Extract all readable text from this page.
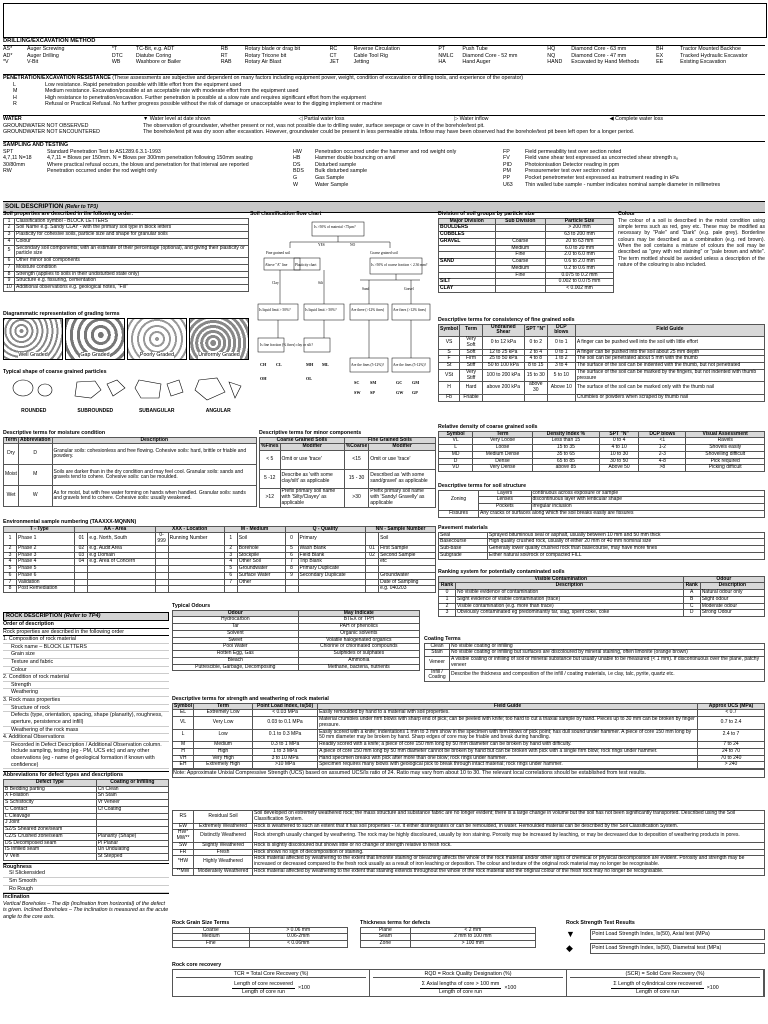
DRILLING/EXCAVATION METHOD
AS*	Auger Screwing
AD*	Auger Drilling
*V	V-Bit
*T	TC-Bit, e.g. ADT
DTC	Diatube Coring
WB	Washbore or Bailer
RB	Rotary blade or drag bit
RT	Rotary Tricone bit
RAB	Rotary Air Blast
RC	Reverse Circulation
CT	Cable Tool Rig
JET	Jetting
PT	Push Tube
NMLC	Diamond Core - 52 mm
HA	Hand Auger
HQ	Diamond Core - 63 mm
NQ	Diamond Core - 47 mm
HAND	Excavated by Hand Methods
BH	Tractor Mounted Backhoe
EX	Tracked Hydraulic Excavator
EE	Existing Excavation
PENETRATION/EXCAVATION RESISTANCE (These assessments are subjective and dependent on many factors including equipment power, weight, condition of excavation or drilling tools, and experience of the operator)
L	Low resistance. Rapid penetration possible with little effort from the equipment used
M	Medium resistance. Excavation/possible at an acceptable rate with moderate effort from the equipment used
H	High resistance to penetration/excavation. Further penetration is possible at a slow rate and requires significant effort from the equipment
R	Refusal or Practical Refusal. No further progress possible without the risk of damage or unacceptable wear to the digging implement or machine
WATER	▼ Water level at date shown	◁ Partial water loss	▷ Water inflow	◀ Complete water loss
GROUNDWATER NOT OBSERVED	The observation of groundwater, whether present or not, was not possible due to drilling water, surface seepage or cave in of the borehole/test pit.
GROUNDWATER NOT ENCOUNTERED	The borehole/test pit was dry soon after excavation. However, groundwater could be present in less permeable strata. Inflow may have been observed had the borehole/test pit been left open for a longer period.
SAMPLING AND TESTING
SPT	Standard Penetration Test to AS1289.6.3.1-1993
4,7,11 N=18	4,7,11 = Blows per 150mm. N = Blows per 300mm penetration following 150mm seating
30/80mm	Where practical refusal occurs, the blows and penetration for that interval are reported
RW	Penetration occurred under the rod weight only
HW	Penetration occurred under the hammer and rod weight only
HB	Hammer double bouncing on anvil
DS	Disturbed sample
BDS	Bulk disturbed sample
G	Gas Sample
W	Water Sample
FP	Field permeability test over section noted
FV	Field vane shear test expressed as uncorrected shear strength sᵤ
PID	Photoionisation Detector reading in ppm
PM	Pressuremeter test over section noted
PP	Pocket penetrometer test expressed as instrument reading in kPa
U63	Thin walled tube sample - number indicates nominal sample diameter in millimetres
SOIL DESCRIPTION (Refer to TP3)
Soil properties are described in the following order:
1	Classification symbol - BLOCK LETTERS
2	Soil Name e.g. Sandy CLAY - with the primary soil type in block letters
3	Plasticity for cohesive soils, particle size and shape for granular soils
4	Colour
5	Secondary soil components; with an estimate of their percentage (optional), and giving their plasticity or particle size
6	Other minor soil components
7	Moisture condition
8	Strength (applies to soils in their undisturbed state only)
9	Structure e.g. fissuring, cementation
10	Additional observations e.g. geological notes, "Fill"
Soil classification flow chart
Is >50% of material <75µm?
Fine grained soil	Coarse grained soil
YES	NO
Above "A" line Plasticity chart	Is >50% of coarse fraction < 2.36 mm?
Clay	Silt
Sand	Gravel
Is liquid limit > 50%?	Is liquid limit > 50%?	Are there (>12% fines) Are fines (>12% fines)
Are the fines (5-12%)? Are the fines (5-12%)?
Is fine fraction (% fines) clay or silt?
CH CL
OH
MH ML
OL
SC	SM
SW SP
GC GM
GW GP
Diagrammatic representation of grading terms
Well Graded	Gap Graded	Poorly Graded	Uniformly Graded
Typical shape of coarse grained particles
ROUNDED	SUBROUNDED	SUBANGULAR	ANGULAR
Division of soil groups by particle size
Major Division	Sub Division	Particle Size
BOULDERS		> 200 mm
COBBLES		63 to 200 mm
GRAVEL	Coarse	20 to 63 mm
	Medium	6.0 to 20 mm
	Fine	2.0 to 6.0 mm
SAND	Coarse	0.6 to 2.0 mm
	Medium	0.2 to 0.6 mm
	Fine	0.075 to 0.2 mm
SILT		0.002 to 0.075 mm
CLAY		< 0.002 mm
Colour
The colour of a soil is described in the moist condition using simple terms such as red, grey etc. These may be modified as necessary by "Pale" and "Dark" (e.g. pale grey). Borderline colours may be described as a combination (e.g. red brown). When the soil contains a mixture of colours the soil may be described as "grey with red staining" or "pale brown and white". The term mottled should be avoided unless a description of the nature of the colouring is also included.
Descriptive terms for consistency of fine grained soils
Symbol	Term	Undrained Shear	SPT "N"	DCP blows	Field Guide
VS	Very Soft	0 to 12 kPa	0 to 2	0 to 1	A finger can be pushed well into the soil with little effort
S	Soft	12 to 25 kPa	2 to 4	0 to 1	A finger can be pushed into the soil about 25 mm depth
F	Firm	25 to 50 kPa	4 to 8	1 to 2	The soil can be penetrated about 5 mm with the thumb
St	Stiff	50 to 100 kPa	8 to 15	3 to 4	The surface of the soil can be indented with the thumb, but not penetrated
VSt	Very Stiff	100 to 200 kPa	15 to 30	5 to 10	The surface of the soil can be marked by the fingers, but not indented with thumb pressure
H	Hard	above 200 kPa	above 30	Above 10	The surface of the soil can be marked only with the thumb nail
Fb	Friable				Crumbles or powders when scraped by thumb nail
Relative density of coarse grained soils
Symbol	Term	Density Index %	SPT "N"	DCP blows	Visual Assessment
VL	Very Loose	Less than 15	0 to 4	<1	Ravels
L	Loose	15 to 35	4 to 10	1-2	Shovels easily
MD	Medium Dense	35 to 65	10 to 30	2-3	Shovelling difficult
D	Dense	65 to 85	30 to 50	4-8	Pick required
VD	Very Dense	above 85	Above 50	>8	Picking difficult
Descriptive terms for moisture condition
Term	Abbreviation	Description
Dry	D	Granular soils: cohesionless and free flowing. Cohesive soils: hard, brittle or friable and powdery.
Moist	M	Soils are darker than in the dry condition and may feel cool. Granular soils: sands and gravels tend to cohere. Cohesive soils: can be moulded.
Wet	W	As for moist, but with free water forming on hands when handled. Granular soils: sands and gravels tend to cohere. Cohesive soils: usually weakened.
Descriptive terms for minor components
Coarse Grained Soils		Fine Grained Soils	
%Fines	Modifier	%Coarse	Modifier
< 5	Omit or use 'trace'	<15	Omit or use 'trace'
5 -12	Describe as 'with some clay/silt' as applicable	15 - 30	Described as 'with some sand/gravel' as applicable
>12	Prefix primary soil name with 'Silty/Clayey' as applicable	>30	Prefix primary soil name with 'Sandy/ Gravelly' as applicable
Descriptive terms for soil structure
Zoning	Layers	continuous across exposure or sample
	Lenses	discontinuous layer with lenticular shape
	Pockets	irregular inclusion
Fissures	Any cracks or surfaces along which the soil breaks easily are fissures	
Environmental sample numbering (TAAXXX-MQNNN)
T - Type		AA - Area		XXX - Location		M - Medium		Q - Quality		NN - Sample Number	
1	Phase 1	01	e.g. North, South	0-999	Running Number	1	Soil	0	Primary		Soil
2	Phase 2	02	e.g. Audit Area			2	Borehole	5	Wash Blank	01	First Sample
3	Phase 3	03	e.g Domain			3	Stockpile	6	Field Blank	02	Second Sample
4	Phase 4	04	e.g. Area of Concern			4	Other Soil	7	Trip Blank		etc
5	Phase 5					5	Groundwater	8	Primary Duplicate		
6	Phase 6					6	Surface Water	9	Secondary Duplicate		Groundwater
7	Validation					7	Other				Date of Sampling
8	Post Remediation										e.g. 040203
Pavement materials
Seal	Sprayed bituminous seal or asphalt, usually between 10 mm and 50 mm thick
Basecourse	High quality crushed rock, usually of either 20 mm or 40 mm nominal size
Sub-base	Generally lower quality crushed rock than basecourse, may have more fines
Subgrade	Either natural soil/rock or compacted FILL
Ranking system for potentially contaminated soils
Visible Contamination		Odour	
Rank	Description	Rank	Description
0	No visible evidence of contamination	A	Natural odour only
1	Slight evidence of visible contamination (trace)	B	Slight odour
2	Visible contamination (e.g. more than trace)	C	Moderate odour
3	Obviously contaminated eg predominantly tar, slag, spent coke, coke	D	Strong Odour
ROCK DESCRIPTION (Refer to TP4)
Order of description
Rock properties are described in the following order
1. Composition of rock material
Rock name – BLOCK LETTERS
Grain size
Texture and fabric
Colour
2. Condition of rock material
Strength
Weathering
3. Rock mass properties
Structure of rock
Defects (type, orientation, spacing, shape (planarity), roughness, aperture, persistence and infill)
Weathering of the rock mass
4. Additional Observations
Recorded in Defect Description / Additional Observation column. Include sampling, testing (eg - PM, UCS etc) and any other observations (eg - name of geological formation if known with confidence)
Abbreviations for defect types and descriptions
Defect Type	Coating or Infilling
B Bedding parting	Cn Clean
X Foliation	Sn Stain
S Schistocity	Vr Veneer
C Contact	Cf Coating
L Cleavage	
J Joint	
SZ/S Sheared zone/seam	
CZ/S Crushed zone/seam	Planarity (Shape)
DS Decomposed seam	Pl Planar
IS Infilled seam	Un Undulating
V Vein	St Stepped
Roughness
Sl Slickensided
Sm Smooth
Ro Rough
Inclination
Vertical Boreholes – The dip (inclination from horizontal) of the defect is given. Inclined Boreholes – The inclination is measured as the acute angle to the core axis.
Typical Odours
Odour	May Indicate
Hydrocarbon	BTEX or TPH
Tar	PAH or phenolics
Solvent	Organic solvents
Sweet	Volatile halogenated organics
Pool Water	Chlorine or chlorinated compounds
Rotten Egg, Gas	Sulphides or sulphates
Bleach	Ammonia
Putrescible, Garbage, Decomposing	Methane, bacteria, nutrients
Coating Terms
Clean	No visible coating or infilling
Stain	No visible coating or infilling but surfaces are discoloured by mineral staining, often limonite (orange brown)
Veneer	A visible coating or infilling of soil or mineral substance but usually unable to be measured (< 1 mm). If discontinuous over the plane, patchy veneer
Infill / Coating	Describe the thickness and composition of the infill / coating materials, i.e clay, talc, pyrite, quartz etc.
Descriptive terms for strength and weathering of rock material
Symbol	Term	Point Load Index, Is(50)	Field Guide	Approx UCS (MPa)
EL	Extremely Low	< 0.03 MPa	Easily remoulded by hand to a material with soil properties.	< 0.7
VL	Very Low	0.03 to 0.1 MPa	Material crumbles under firm blows with sharp end of pick; can be peeled with knife; too hard to cut a triaxial sample by hand. Pieces up to 30 mm can be broken by finger pressure.	0.7 to 2.4
L	Low	0.1 to 0.3 MPa	Easily scored with a knife; indentations 1 mm to 3 mm show in the specimen with firm blows of pick point; has dull sound under hammer. A piece of core 150 mm long by 50 mm diameter may be broken by hand. Sharp edges of core may be friable and break during handling.	2.4 to 7
M	Medium	0.3 to 1 MPa	Readily scored with a knife; a piece of core 150 mm long by 50 mm diameter can be broken by hand with difficulty.	7 to 24
H	High	1 to 3 MPa	A piece of core 150 mm long by 50 mm diameter cannot be broken by hand but can be broken with pick with a single firm blow; rock rings under hammer.	24 to 70
VH	Very High	3 to 10 MPa	Hand specimen breaks with pick after more than one blow; rock rings under hammer.	70 to 240
EH	Extremely High	>10 MPa	Specimen requires many blows with geological pick to break through intact material; rock rings under hammer.	> 240
Note: Approximate Unixial Compressive Strength (UCS) based on assumed UCS/Is ratio of 24. Ratio may vary from about 10 to 30. The relevant local correlations should be established from test results.
RS	Residual Soil	Soil developed on extremely weathered rock; the mass structure and substance fabric are no longer evident; there is a large change in volume but the soil has not been significantly transported. Described using the Soil Classification System.
EW	Extremely Weathered	Rock is weathered to such an extent that it has soil properties - i.e. it either disintegrates or can be remoulded, in water. Remoulded material can be described by the Soil Classification System.
HW*
MW**	Distinctly Weathered	Rock strength usually changed by weathering. The rock may be highly discoloured, usually by iron staining. Porosity may be increased by leaching, or may be decreased due to deposition of weathering products in pores.
SW	Slightly Weathered	Rock is slightly discoloured but shows little or no change of strength relative to fresh rock.
FR	Fresh	Rock shows no sign of decomposition or staining.
*HW	Highly Weathered	Rock material affected by weathering to the extent that limonite staining or bleaching affects the whole of the rock material and/or other signs of chemical or physical decomposition are evident. Porosity and strength may be increased or decreased compared to the fresh rock usually as a result of iron leaching or deposition. The colour and texture of the original rock material may no longer be recognisable.
**MW	Moderately Weathered	Rock material affected by weathering to the extent that staining extends throughout the whole of the rock material and the original colour of the fresh rock may no longer be recognisable.
Rock Grain Size Terms
Coarse	> 0.06 mm
Medium	0.06-2mm
Fine	< 0.06mm
Thickness terms for defects
Plane	< 2 mm
Seam	2 mm to 100 mm
Zone	> 100 mm
Rock Strength Test Results
▼	Point Load Strength Index, Is(50), Axial test (MPa)
◆	Point Load Strength Index, Is(50), Diametral test (MPa)
Rock core recovery
TCR = Total Core Recovery (%)
Length of core recovered
Length of core run
×100
RQD = Rock Quality Designation (%)
Σ Axial lengths of core > 100 mm
Length of core run
×100
(SCR) = Solid Core Recovery (%)
Σ Length of cylindrical core recovered
Length of core run
×100
